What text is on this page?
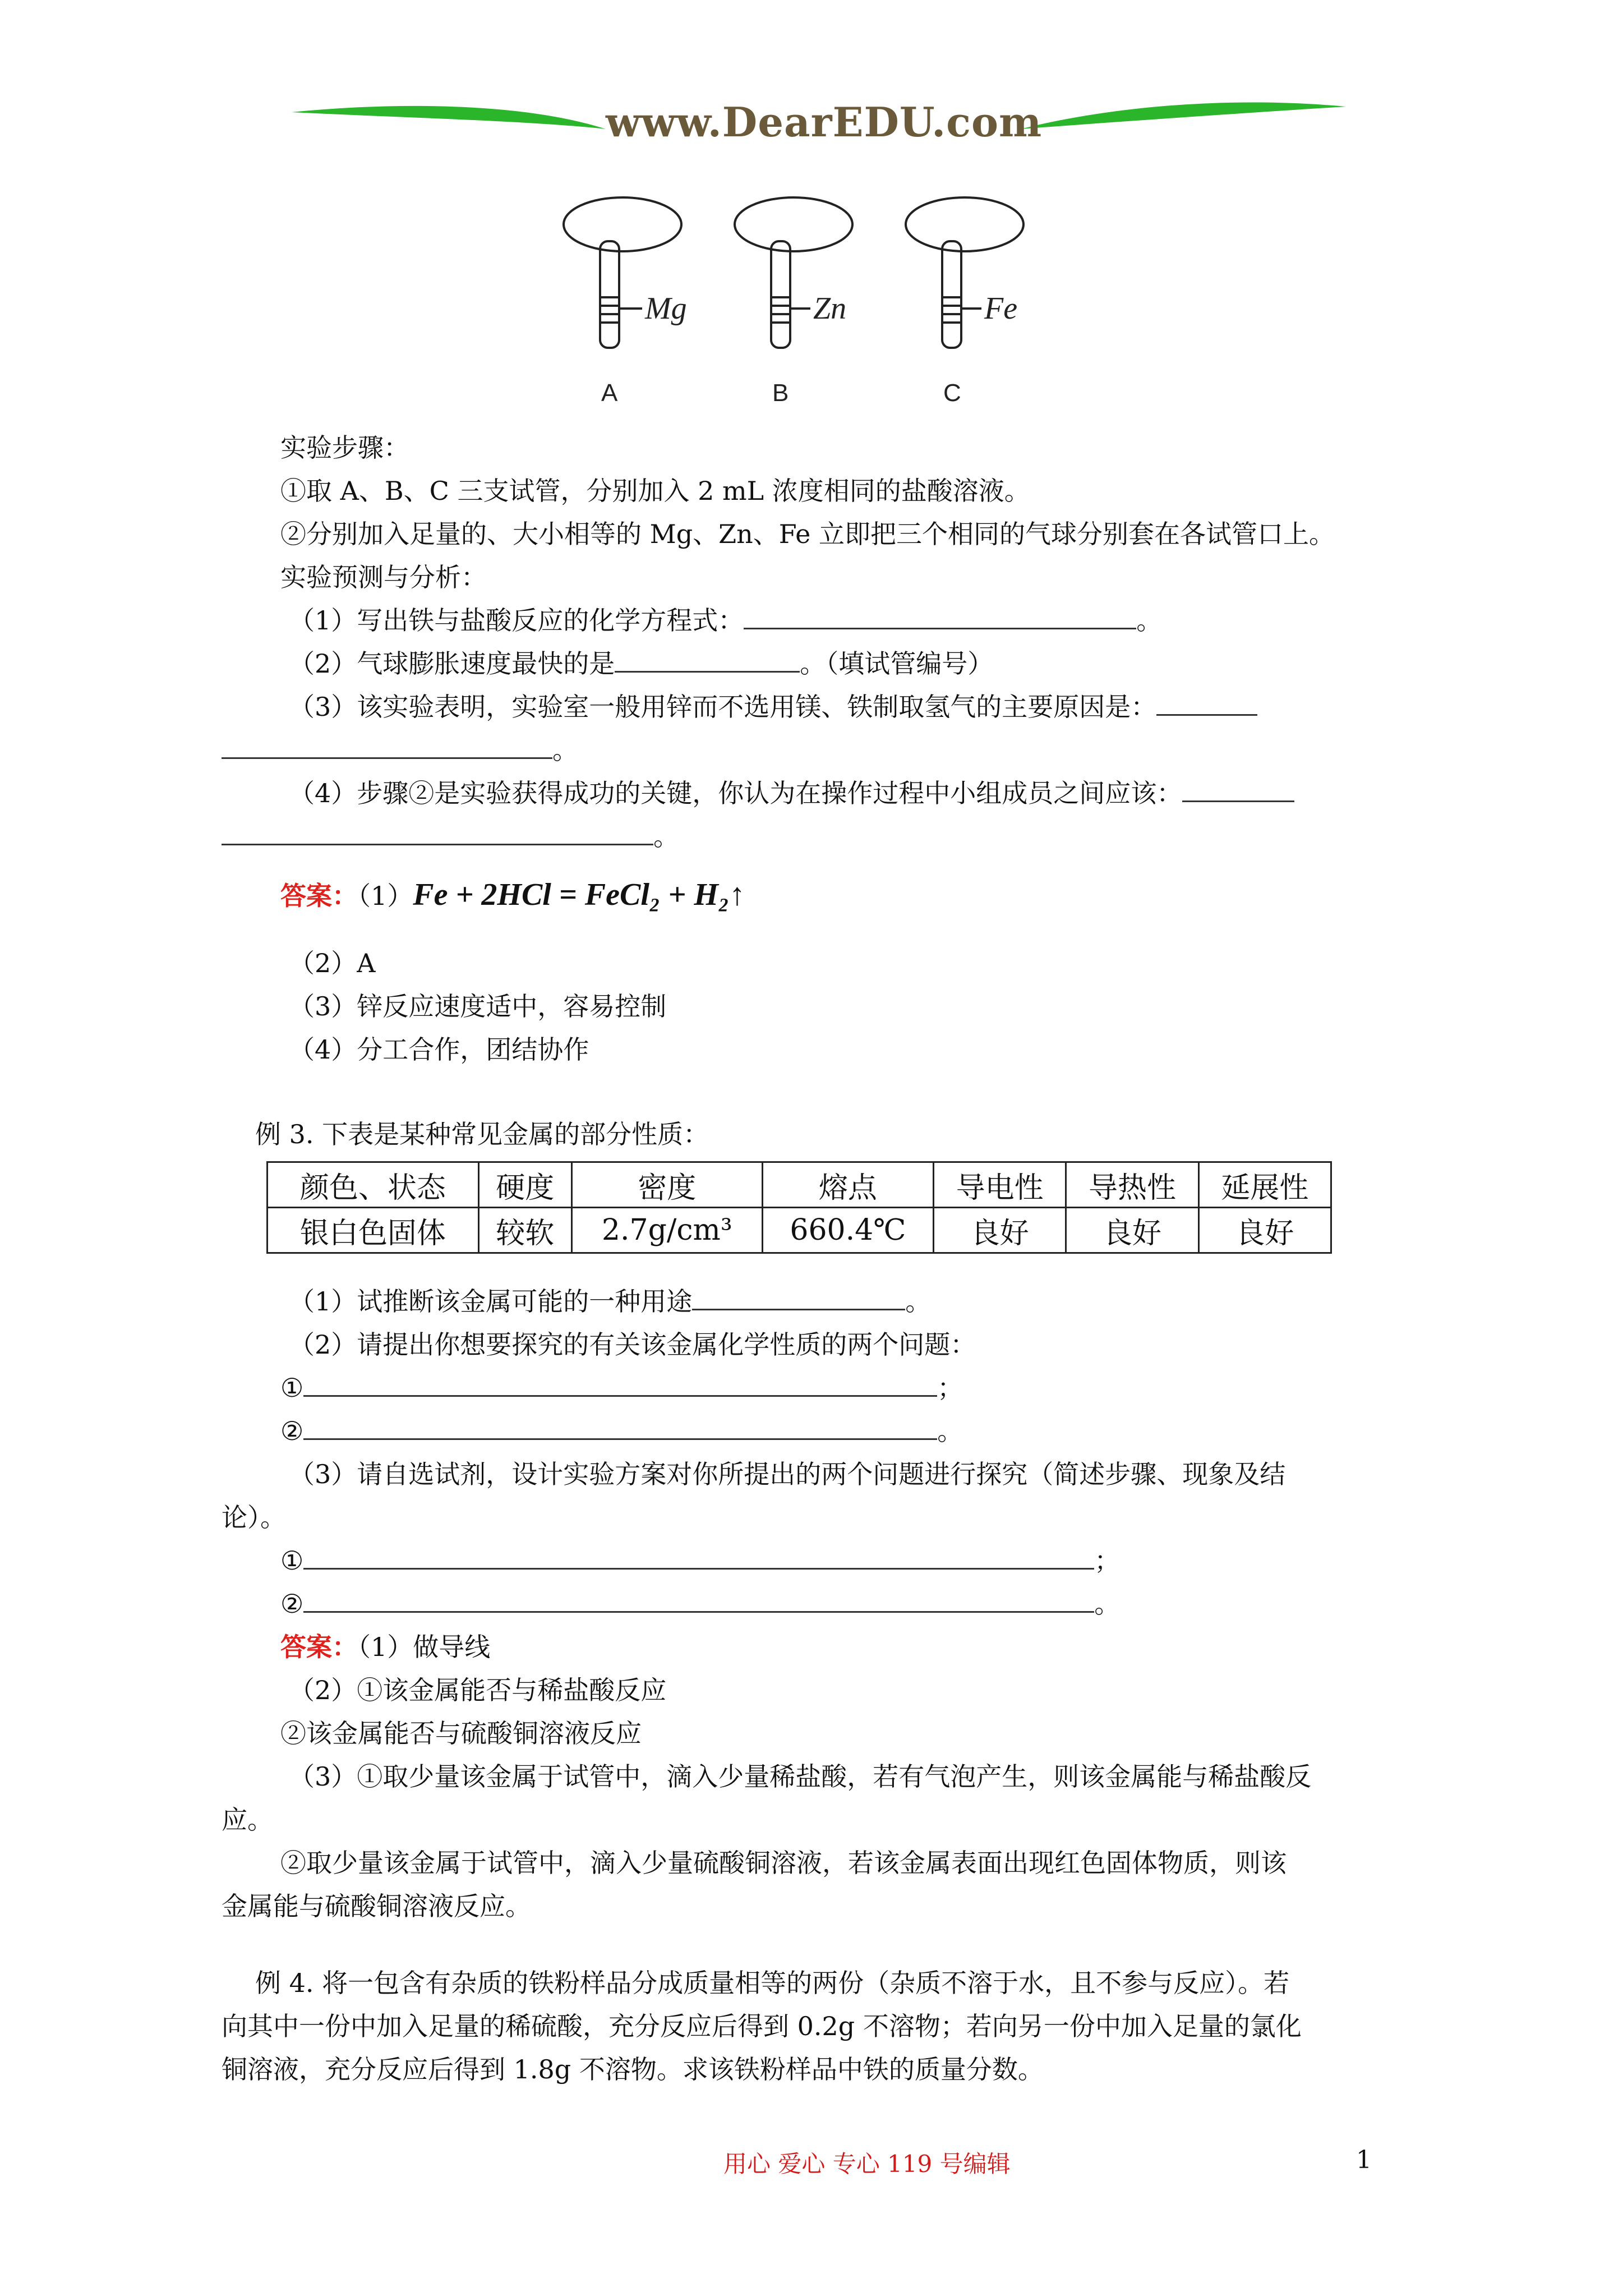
www.DearEDU.com
Mg	Zn	Fe
A	B	C
实验步骤：
①取 A、B、C 三支试管，分别加入 2 mL 浓度相同的盐酸溶液。
②分别加入足量的、大小相等的 Mg、Zn、Fe 立即把三个相同的气球分别套在各试管口上。
实验预测与分析：
（1）写出铁与盐酸反应的化学方程式：	。
（2）气球膨胀速度最快的是	。（填试管编号）
（3）该实验表明，实验室一般用锌而不选用镁、铁制取氢气的主要原因是：
。
（4）步骤②是实验获得成功的关键，你认为在操作过程中小组成员之间应该：
。
答案：（1）Fe + 2HCl = FeCl₂ + H₂↑
（2）A
（3）锌反应速度适中，容易控制
（4）分工合作，团结协作
例 3. 下表是某种常见金属的部分性质：
颜色、状态	硬度	密度	熔点	导电性	导热性	延展性
银白色固体	较软	2.7g/cm³	660.4℃	良好	良好	良好
（1）试推断该金属可能的一种用途	。
（2）请提出你想要探究的有关该金属化学性质的两个问题：
①	；
②	。
（3）请自选试剂，设计实验方案对你所提出的两个问题进行探究（简述步骤、现象及结
论）。
①	；
②	。
答案：（1）做导线
（2）①该金属能否与稀盐酸反应
②该金属能否与硫酸铜溶液反应
（3）①取少量该金属于试管中，滴入少量稀盐酸，若有气泡产生，则该金属能与稀盐酸反
应。
②取少量该金属于试管中，滴入少量硫酸铜溶液，若该金属表面出现红色固体物质，则该
金属能与硫酸铜溶液反应。
例 4. 将一包含有杂质的铁粉样品分成质量相等的两份（杂质不溶于水，且不参与反应）。若
向其中一份中加入足量的稀硫酸，充分反应后得到 0.2g 不溶物；若向另一份中加入足量的氯化
铜溶液，充分反应后得到 1.8g 不溶物。求该铁粉样品中铁的质量分数。
用心 爱心 专心 119 号编辑	1
